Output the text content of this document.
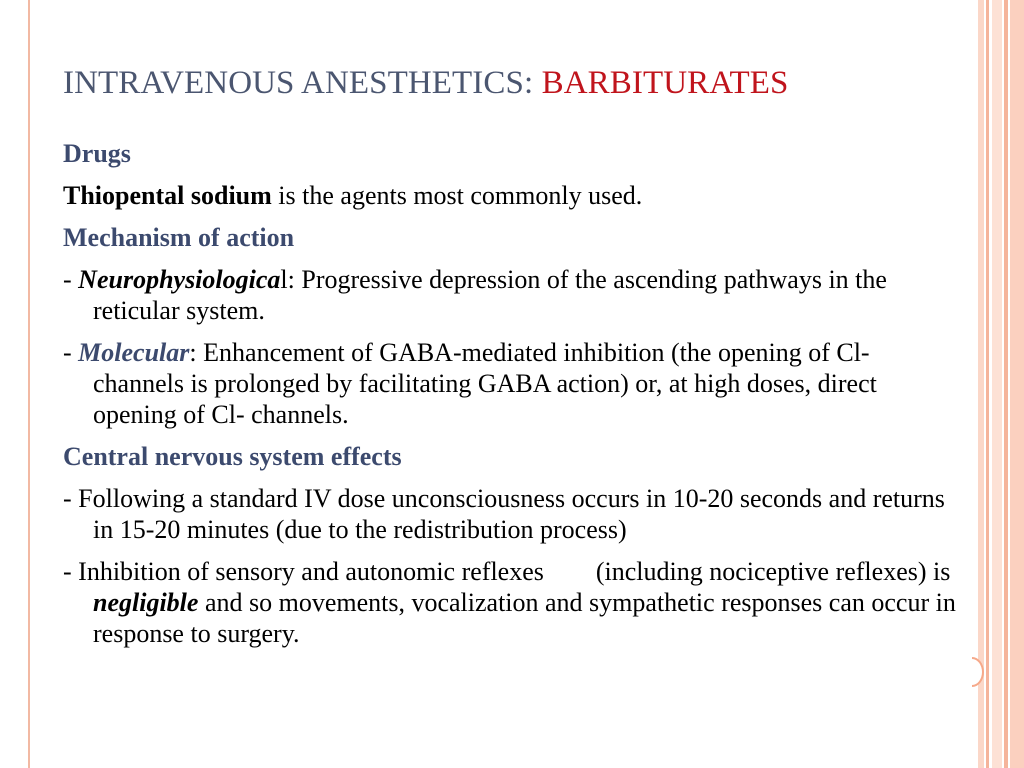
INTRAVENOUS ANESTHETICS: BARBITURATES
Drugs
Thiopental sodium is the agents most commonly used.
Mechanism of action
- Neurophysiological: Progressive depression of the ascending pathways in the reticular system.
- Molecular: Enhancement of GABA-mediated inhibition (the opening of Cl- channels is prolonged by facilitating GABA action) or, at high doses, direct opening of Cl- channels.
Central nervous system effects
- Following a standard IV dose unconsciousness occurs in 10-20 seconds and returns in 15-20 minutes (due to the redistribution process)
- Inhibition of sensory and autonomic reflexes        (including nociceptive reflexes) is negligible and so movements, vocalization and sympathetic responses can occur in response to surgery.
